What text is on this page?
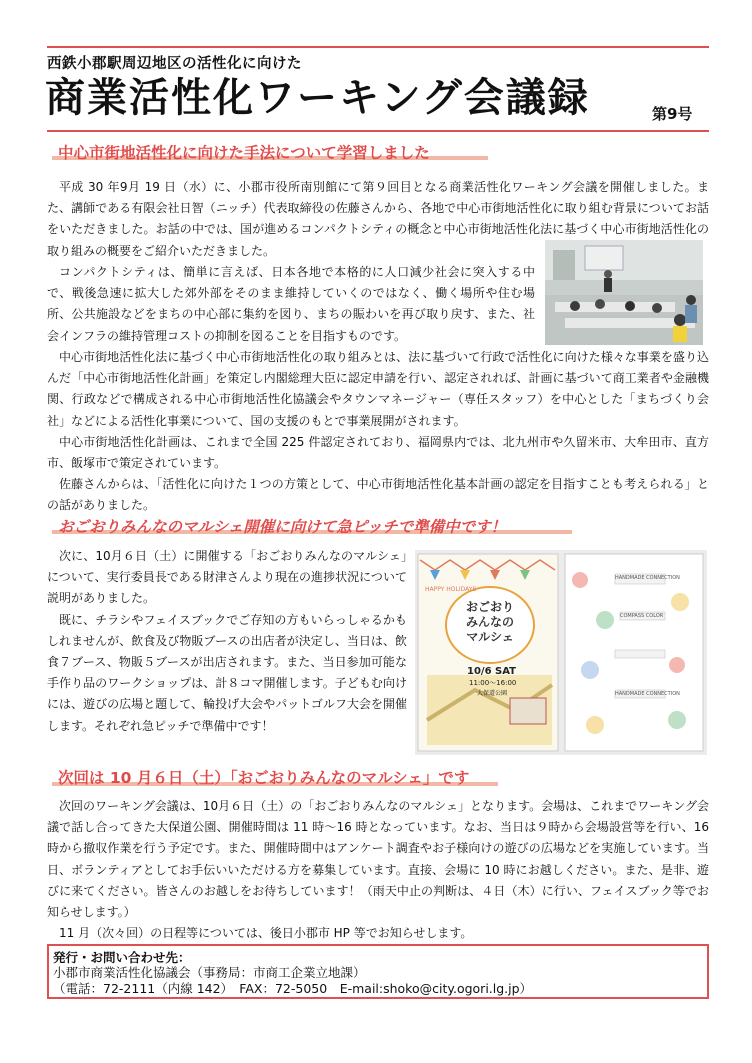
西鉄小郡駅周辺地区の活性化に向けた
商業活性化ワーキング会議録	第9号
中心市街地活性化に向けた手法について学習しました

平成 30 年9月 19 日（水）に、小郡市役所南別館にて第９回目となる商業活性化ワーキング会議を開催しました。また、講師である有限会社日智（ニッチ）代表取締役の佐藤さんから、各地で中心市街地活性化に取り組む背景についてお話をいただきました。お話の中では、国が進めるコンパクトシティの概念と中心市街地活性化法に基づく中心市街地活性化の取り組みの概要をご紹介いただきました。

コンパクトシティは、簡単に言えば、日本各地で本格的に人口減少社会に突入する中で、戦後急速に拡大した郊外部をそのまま維持していくのではなく、働く場所や住む場所、公共施設などをまちの中心部に集約を図り、まちの賑わいを再び取り戻す、また、社会インフラの維持管理コストの抑制を図ることを目指すものです。

中心市街地活性化法に基づく中心市街地活性化の取り組みとは、法に基づいて行政で活性化に向けた様々な事業を盛り込んだ「中心市街地活性化計画」を策定し内閣総理大臣に認定申請を行い、認定されれば、計画に基づいて商工業者や金融機関、行政などで構成される中心市街地活性化協議会やタウンマネージャー（専任スタッフ）を中心とした「まちづくり会社」などによる活性化事業について、国の支援のもとで事業展開がされます。

中心市街地活性化計画は、これまで全国 225 件認定されており、福岡県内では、北九州市や久留米市、大牟田市、直方市、飯塚市で策定されています。

佐藤さんからは、「活性化に向けた１つの方策として、中心市街地活性化基本計画の認定を目指すことも考えられる」との話がありました。

おごおりみんなのマルシェ開催に向けて急ピッチで準備中です！

次に、10月６日（土）に開催する「おごおりみんなのマルシェ」について、実行委員長である財津さんより現在の進捗状況について説明がありました。

既に、チラシやフェイスブックでご存知の方もいらっしゃるかもしれませんが、飲食及び物販ブースの出店者が決定し、当日は、飲食７ブース、物販５ブースが出店されます。また、当日参加可能な手作り品のワークショップは、計８コマ開催します。子どもむ向けには、遊びの広場と題して、輪投げ大会やパットゴルフ大会を開催します。それぞれ急ピッチで準備中です！

おごおり
みんなの
マルシェ
HAPPY HOLIDAYS
10/6 SAT
11:00～16:00
大保道公園
HANDMADE CONNECTION
COMPASS COLOR
HANDMADE CONNECTION
次回は 10 月６日（土）「おごおりみんなのマルシェ」です

次回のワーキング会議は、10月６日（土）の「おごおりみんなのマルシェ」となります。会場は、これまでワーキング会議で話し合ってきた大保道公園、開催時間は 11 時～16 時となっています。なお、当日は９時から会場設営等を行い、16 時から撤収作業を行う予定です。また、開催時間中はアンケート調査やお子様向けの遊びの広場などを実施しています。当日、ボランティアとしてお手伝いいただける方を募集しています。直接、会場に 10 時にお越しください。また、是非、遊びに来てください。皆さんのお越しをお待ちしています！（雨天中止の判断は、４日（木）に行い、フェイスブック等でお知らせします。）

11 月（次々回）の日程等については、後日小郡市 HP 等でお知らせします。

発行・お問い合わせ先：
小郡市商業活性化協議会（事務局：市商工企業立地課）
（電話：72-2111（内線 142）　FAX：72-5050　E-mail:shoko@city.ogori.lg.jp）
